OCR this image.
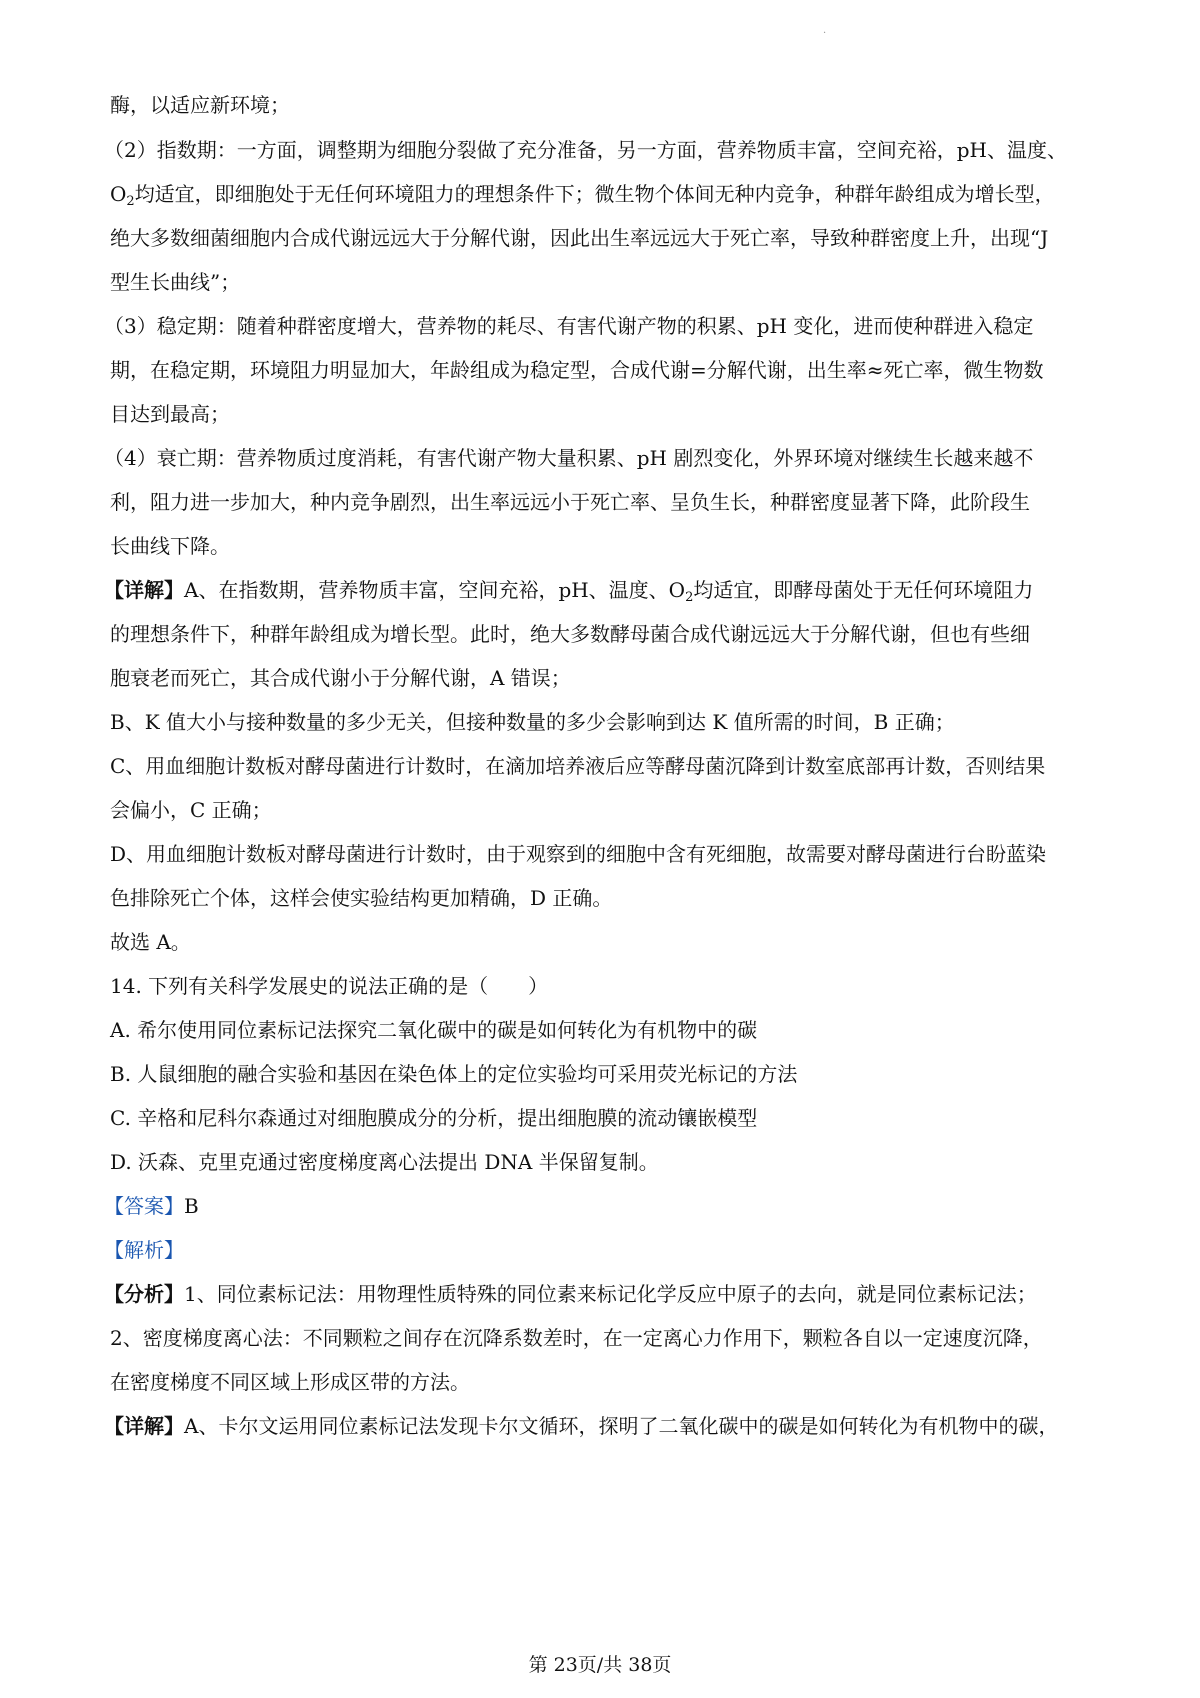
·
酶，以适应新环境；
（2）指数期：一方面，调整期为细胞分裂做了充分准备，另一方面，营养物质丰富，空间充裕，pH、温度、
$O_2$均适宜，即细胞处于无任何环境阻力的理想条件下；微生物个体间无种内竞争，种群年龄组成为增长型，
绝大多数细菌细胞内合成代谢远远大于分解代谢，因此出生率远远大于死亡率，导致种群密度上升，出现“J
型生长曲线”；
（3）稳定期：随着种群密度增大，营养物的耗尽、有害代谢产物的积累、pH 变化，进而使种群进入稳定
期，在稳定期，环境阻力明显加大，年龄组成为稳定型，合成代谢=分解代谢，出生率≈死亡率，微生物数
目达到最高；
（4）衰亡期：营养物质过度消耗，有害代谢产物大量积累、pH 剧烈变化，外界环境对继续生长越来越不
利，阻力进一步加大，种内竞争剧烈，出生率远远小于死亡率、呈负生长，种群密度显著下降，此阶段生
长曲线下降。
【详解】A、在指数期，营养物质丰富，空间充裕，pH、温度、$O_2$均适宜，即酵母菌处于无任何环境阻力
的理想条件下，种群年龄组成为增长型。此时，绝大多数酵母菌合成代谢远远大于分解代谢，但也有些细
胞衰老而死亡，其合成代谢小于分解代谢，A 错误；
B、K 值大小与接种数量的多少无关，但接种数量的多少会影响到达 K 值所需的时间，B 正确；
C、用血细胞计数板对酵母菌进行计数时，在滴加培养液后应等酵母菌沉降到计数室底部再计数，否则结果
会偏小，C 正确；
D、用血细胞计数板对酵母菌进行计数时，由于观察到的细胞中含有死细胞，故需要对酵母菌进行台盼蓝染
色排除死亡个体，这样会使实验结构更加精确，D 正确。
故选 A。
14. 下列有关科学发展史的说法正确的是（　　）
A. 希尔使用同位素标记法探究二氧化碳中的碳是如何转化为有机物中的碳
B. 人鼠细胞的融合实验和基因在染色体上的定位实验均可采用荧光标记的方法
C. 辛格和尼科尔森通过对细胞膜成分的分析，提出细胞膜的流动镶嵌模型
D. 沃森、克里克通过密度梯度离心法提出 DNA 半保留复制。
【答案】B
【解析】
【分析】1、同位素标记法：用物理性质特殊的同位素来标记化学反应中原子的去向，就是同位素标记法；
2、密度梯度离心法：不同颗粒之间存在沉降系数差时，在一定离心力作用下，颗粒各自以一定速度沉降，
在密度梯度不同区域上形成区带的方法。
【详解】A、卡尔文运用同位素标记法发现卡尔文循环，探明了二氧化碳中的碳是如何转化为有机物中的碳，
第 23页/共 38页
